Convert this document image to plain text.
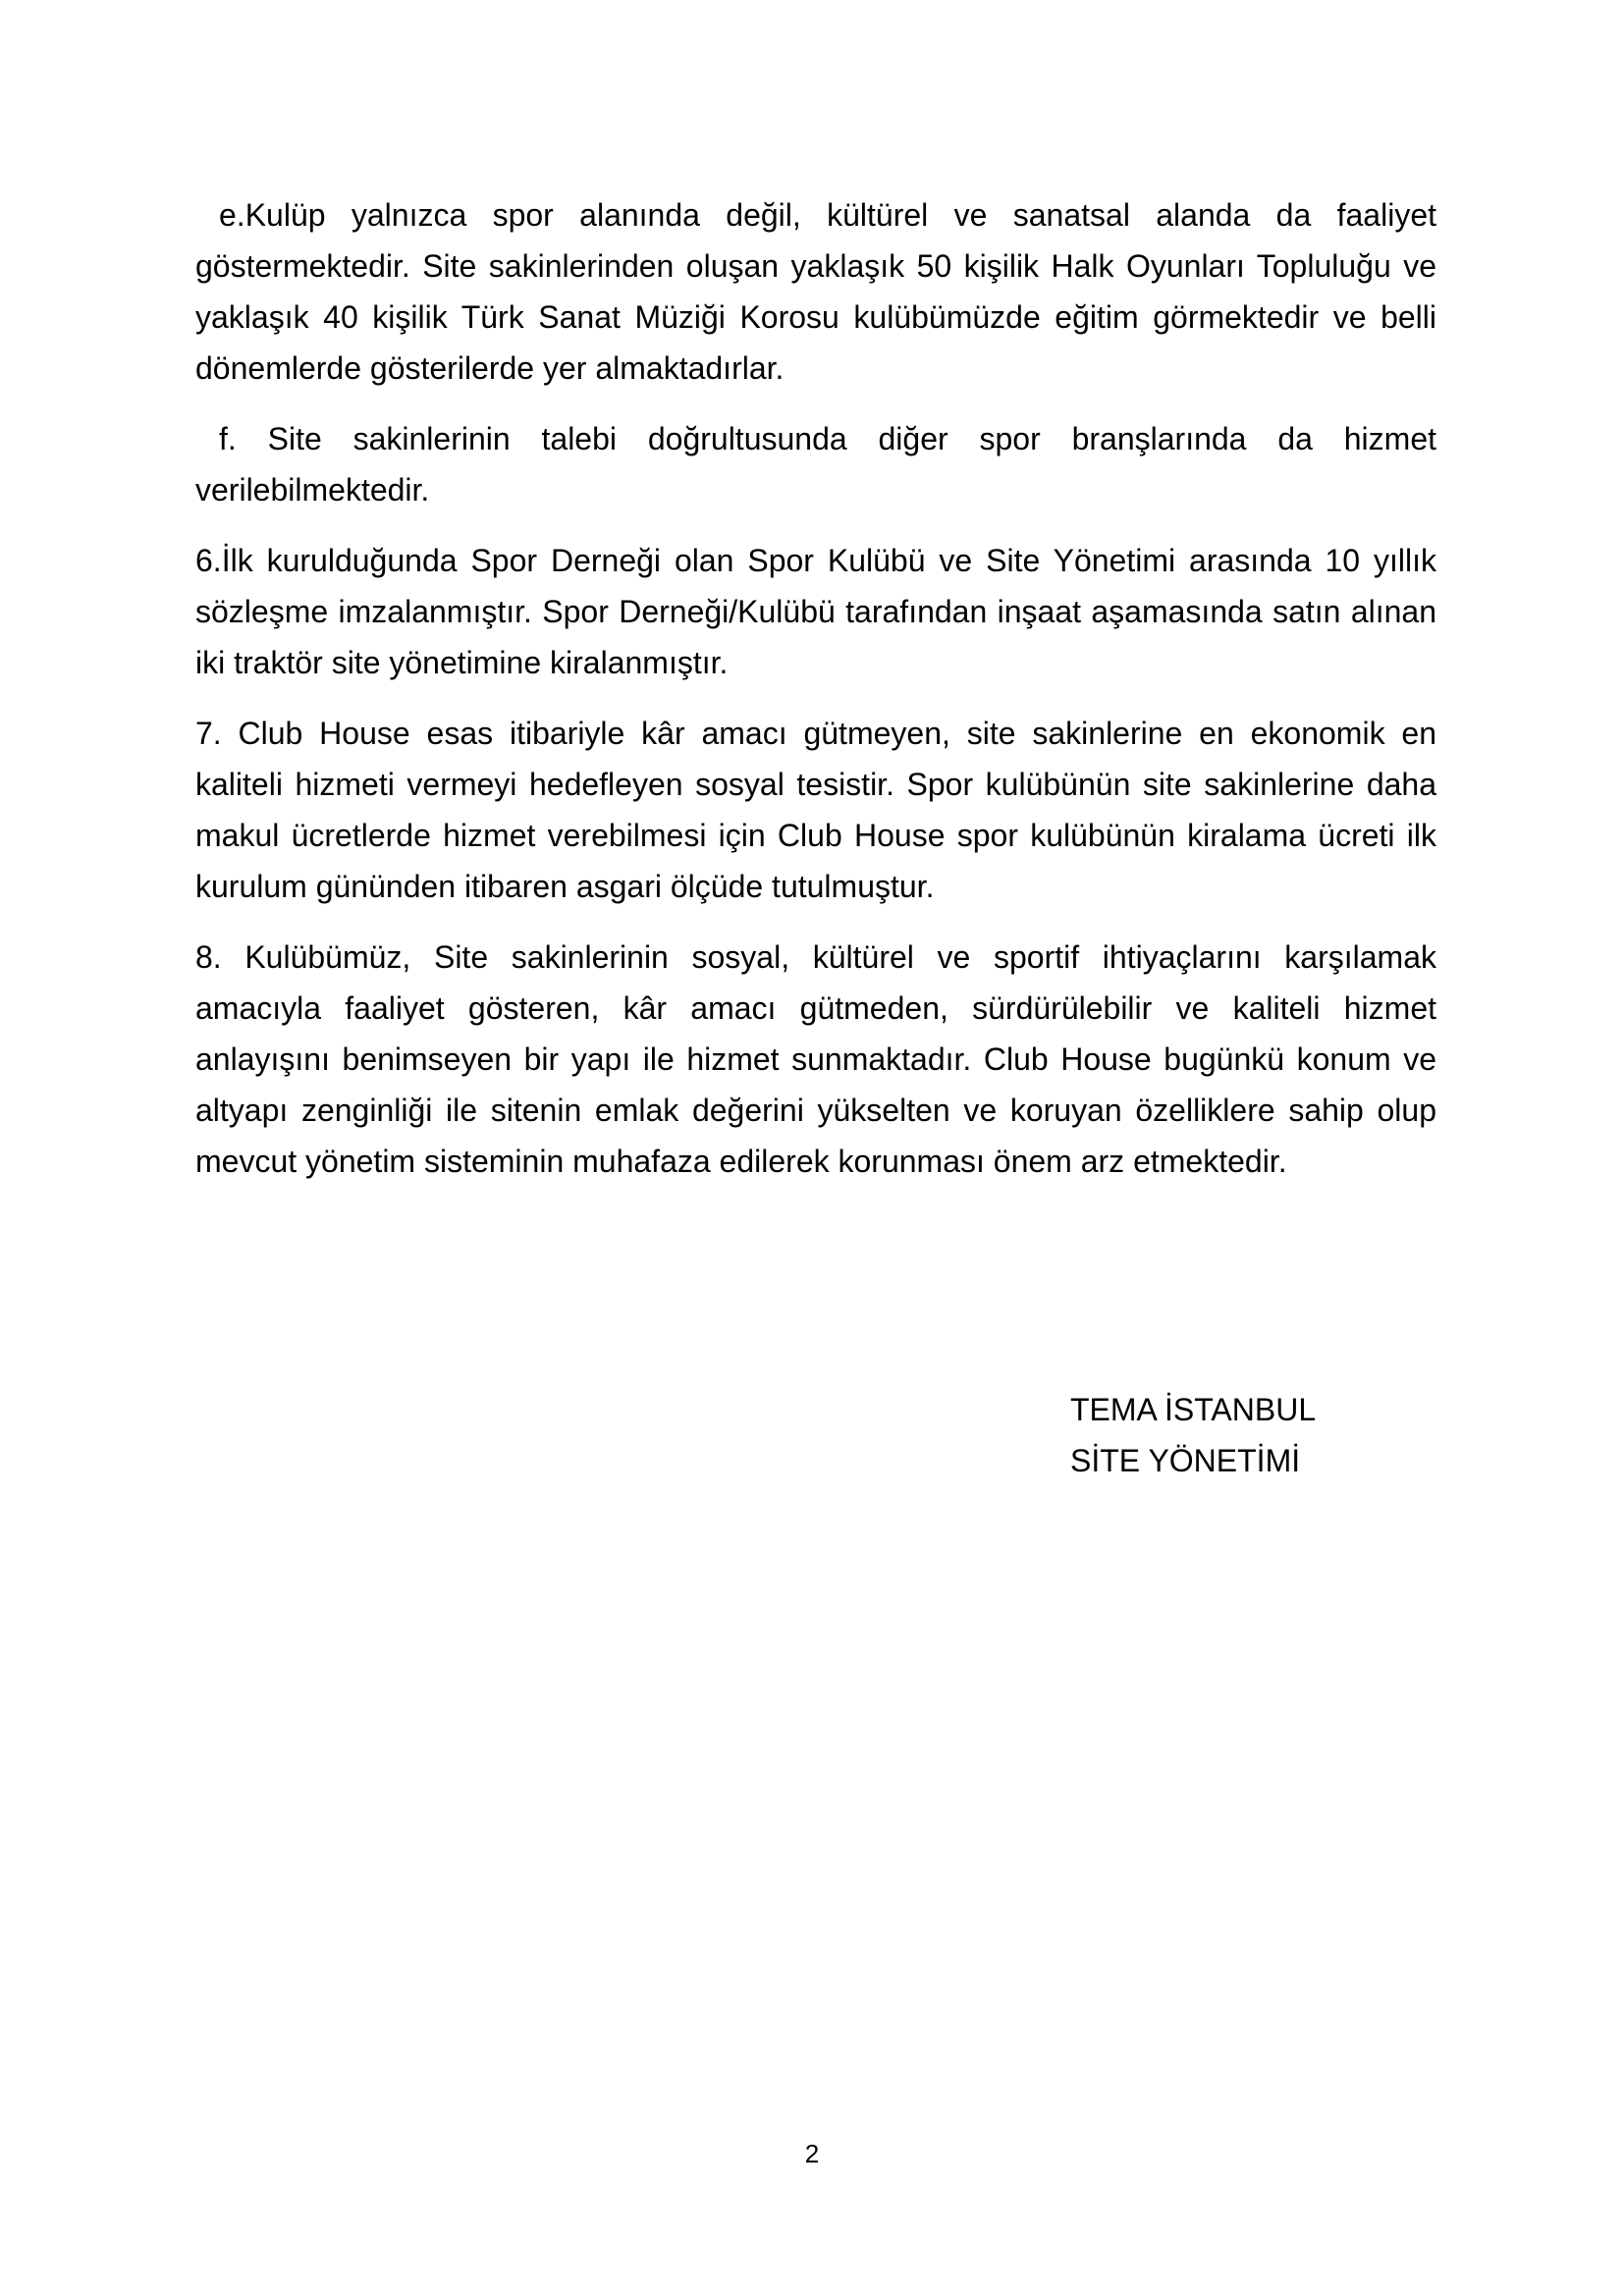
e.Kulüp yalnızca spor alanında değil, kültürel ve sanatsal alanda da faaliyet göstermektedir. Site sakinlerinden oluşan yaklaşık 50 kişilik Halk Oyunları Topluluğu ve yaklaşık 40 kişilik Türk Sanat Müziği Korosu kulübümüzde eğitim görmektedir ve belli dönemlerde gösterilerde yer almaktadırlar.

f. Site sakinlerinin talebi doğrultusunda diğer spor branşlarında da hizmet verilebilmektedir.

6.İlk kurulduğunda Spor Derneği olan Spor Kulübü ve Site Yönetimi arasında 10 yıllık sözleşme imzalanmıştır. Spor Derneği/Kulübü tarafından inşaat aşamasında satın alınan iki traktör site yönetimine kiralanmıştır.

7. Club House esas itibariyle kâr amacı gütmeyen, site sakinlerine en ekonomik en kaliteli hizmeti vermeyi hedefleyen sosyal tesistir. Spor kulübünün site sakinlerine daha makul ücretlerde hizmet verebilmesi için Club House spor kulübünün kiralama ücreti ilk kurulum gününden itibaren asgari ölçüde tutulmuştur.

8. Kulübümüz, Site sakinlerinin sosyal, kültürel ve sportif ihtiyaçlarını karşılamak amacıyla faaliyet gösteren, kâr amacı gütmeden, sürdürülebilir ve kaliteli hizmet anlayışını benimseyen bir yapı ile hizmet sunmaktadır. Club House bugünkü konum ve altyapı zenginliği ile sitenin emlak değerini yükselten ve koruyan özelliklere sahip olup mevcut yönetim sisteminin muhafaza edilerek korunması önem arz etmektedir.

TEMA İSTANBUL
SİTE YÖNETİMİ
2
